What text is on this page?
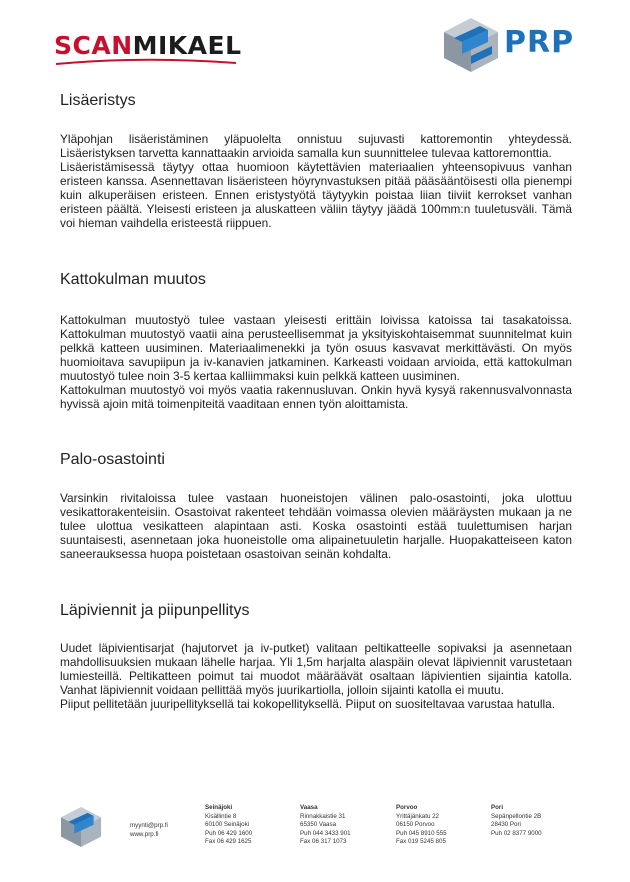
SCANMIKAEL	PRP
Lisäeristys

Yläpohjan lisäeristäminen yläpuolelta onnistuu sujuvasti kattoremontin yhteydessä. Lisäeristyksen tarvetta kannattaakin arvioida samalla kun suunnittelee tulevaa kattoremonttia.

Lisäeristämisessä täytyy ottaa huomioon käytettävien materiaalien yhteensopivuus vanhan eristeen kanssa. Asennettavan lisäeristeen höyrynvastuksen pitää pääsääntöisesti olla pienempi kuin alkuperäisen eristeen. Ennen eristystyötä täytyykin poistaa liian tiiviit kerrokset vanhan eristeen päältä. Yleisesti eristeen ja aluskatteen väliin täytyy jäädä 100mm:n tuuletusväli. Tämä voi hieman vaihdella eristeestä riippuen.

Kattokulman muutos

Kattokulman muutostyö tulee vastaan yleisesti erittäin loivissa katoissa tai tasakatoissa. Kattokulman muutostyö vaatii aina perusteellisemmat ja yksityiskohtaisemmat suunnitelmat kuin pelkkä katteen uusiminen. Materiaalimenekki ja työn osuus kasvavat merkittävästi. On myös huomioitava savupiipun ja iv-kanavien jatkaminen. Karkeasti voidaan arvioida, että kattokulman muutostyö tulee noin 3-5 kertaa kalliimmaksi kuin pelkkä katteen uusiminen.

Kattokulman muutostyö voi myös vaatia rakennusluvan. Onkin hyvä kysyä rakennusvalvonnasta hyvissä ajoin mitä toimenpiteitä vaaditaan ennen työn aloittamista.

Palo-osastointi

Varsinkin rivitaloissa tulee vastaan huoneistojen välinen palo-osastointi, joka ulottuu vesikattorakenteisiin. Osastoivat rakenteet tehdään voimassa olevien määräysten mukaan ja ne tulee ulottua vesikatteen alapintaan asti. Koska osastointi estää tuulettumisen harjan suuntaisesti, asennetaan joka huoneistolle oma alipainetuuletin harjalle. Huopakatteiseen katon saneerauksessa huopa poistetaan osastoivan seinän kohdalta.

Läpiviennit ja piipunpellitys

Uudet läpivientisarjat (hajutorvet ja iv-putket) valitaan peltikatteelle sopivaksi ja asennetaan mahdollisuuksien mukaan lähelle harjaa. Yli 1,5m harjalta alaspäin olevat läpiviennit varustetaan lumiesteillä. Peltikatteen poimut tai muodot määräävät osaltaan läpivientien sijaintia katolla. Vanhat läpiviennit voidaan pellittää myös juurikartiolla, jolloin sijainti katolla ei muutu.

Piiput pellitetään juuripellityksellä tai kokopellityksellä. Piiput on suositeltavaa varustaa hatulla.

myynti@prp.fi
www.prp.fi
Seinäjoki
Kisällintie 8
60100 Seinäjoki
Puh 06 429 1600
Fax 06 429 1625
Vaasa
Rinnakkaistie 31
65350 Vaasa
Puh 044 3433 901
Fax 06 317 1073
Porvoo
Yrittäjänkatu 22
06150 Porvoo
Puh 045 8910 555
Fax 019 5245 805
Pori
Sepänpellontie 2B
28430 Pori
Puh 02 8377 9000
